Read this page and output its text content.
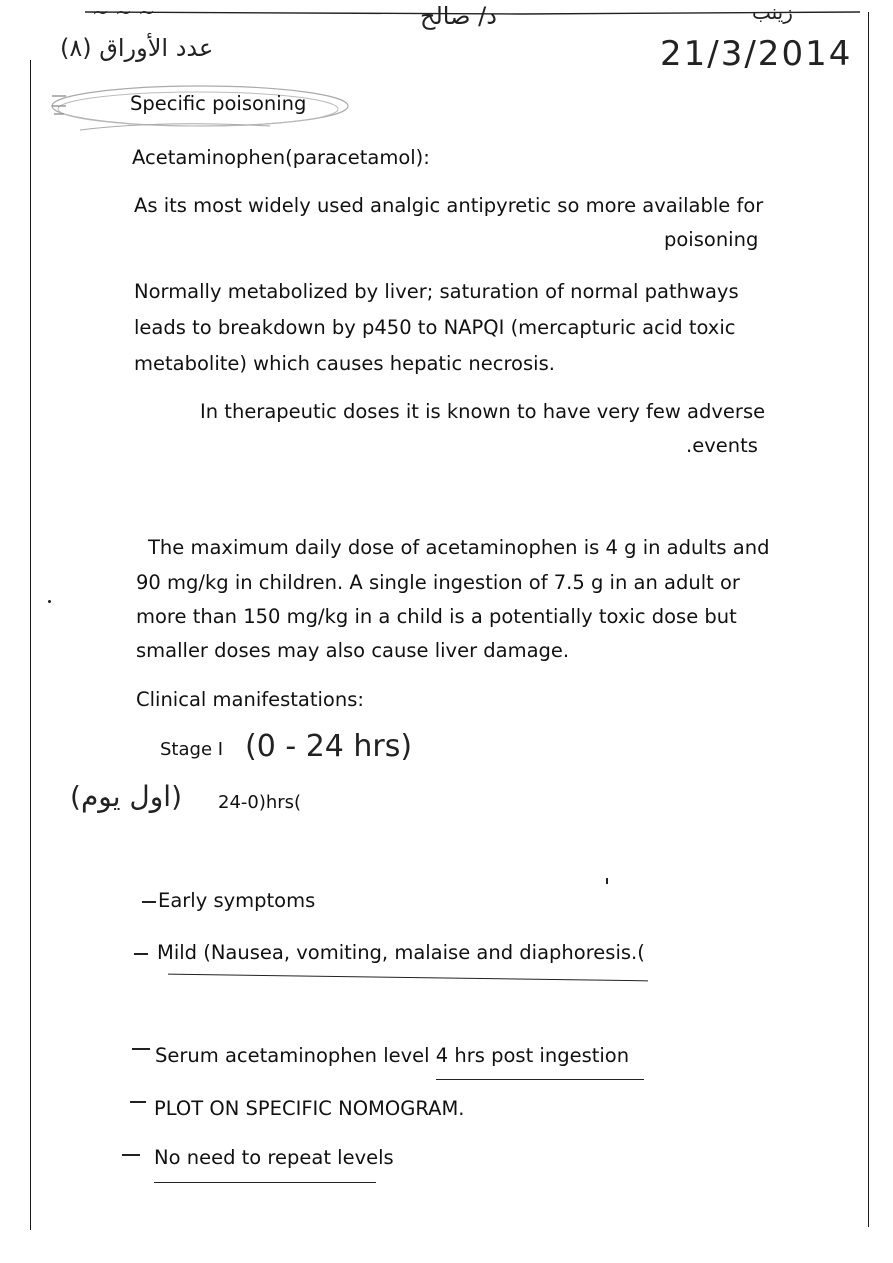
~ ~ ~	د/ صالح	زينب
(٨) عدد الأوراق	21/3/2014
Specific poisoning
Acetaminophen(paracetamol):
As its most widely used analgic antipyretic so more available for
poisoning
Normally metabolized by liver; saturation of normal pathways
leads to breakdown by p450 to NAPQI (mercapturic acid toxic
metabolite) which causes hepatic necrosis.
In therapeutic doses it is known to have very few adverse
.events
The maximum daily dose of acetaminophen is 4 g in adults and
90 mg/kg in children. A single ingestion of 7.5 g in an adult or
more than 150 mg/kg in a child is a potentially toxic dose but
smaller doses may also cause liver damage.
Clinical manifestations:
Stage I (0 - 24 hrs)
(اول يوم) 24-0)hrs(
Early symptoms
Mild (Nausea, vomiting, malaise and diaphoresis.(
Serum acetaminophen level 4 hrs post ingestion
PLOT ON SPECIFIC NOMOGRAM.
No need to repeat levels
